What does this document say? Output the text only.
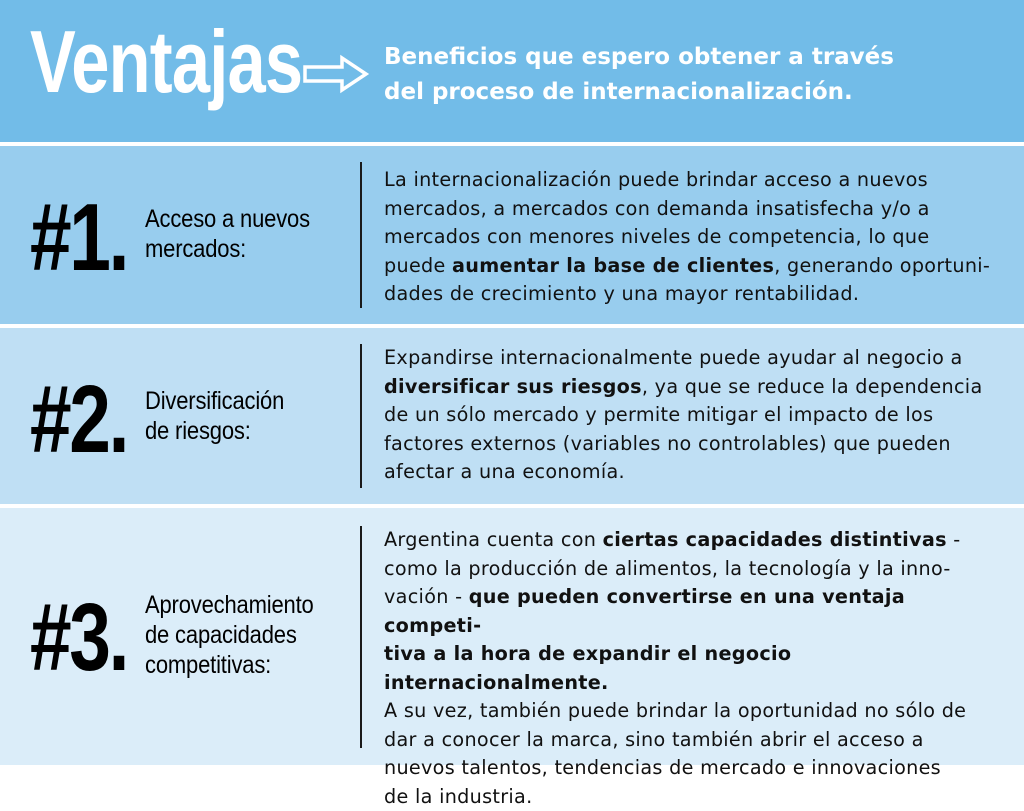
Ventajas	Beneficios que espero obtener a través
del proceso de internacionalización.
#1. Acceso a nuevos
mercados:
La internacionalización puede brindar acceso a nuevos
mercados, a mercados con demanda insatisfecha y/o a
mercados con menores niveles de competencia, lo que
puede aumentar la base de clientes, generando oportuni-
dades de crecimiento y una mayor rentabilidad.
#2. Diversificación
de riesgos:
Expandirse internacionalmente puede ayudar al negocio a
diversificar sus riesgos, ya que se reduce la dependencia
de un sólo mercado y permite mitigar el impacto de los
factores externos (variables no controlables) que pueden
afectar a una economía.
#3. Aprovechamiento
de capacidades
competitivas:
Argentina cuenta con ciertas capacidades distintivas -
como la producción de alimentos, la tecnología y la inno-
vación - que pueden convertirse en una ventaja competi-
tiva a la hora de expandir el negocio internacionalmente.
A su vez, también puede brindar la oportunidad no sólo de
dar a conocer la marca, sino también abrir el acceso a
nuevos talentos, tendencias de mercado e innovaciones
de la industria.
